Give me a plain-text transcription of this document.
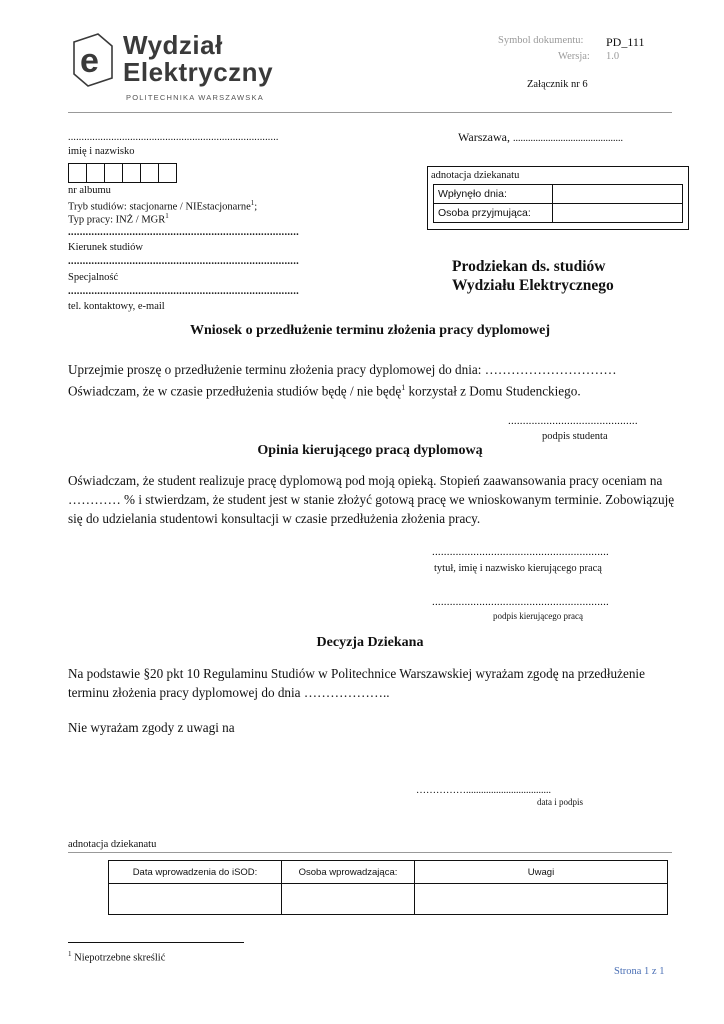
e Wydział
Elektryczny
POLITECHNIKA WARSZAWSKA
Symbol dokumentu: PD_111
Wersja: 1.0
Załącznik nr 6
..............................................................................
imię i nazwisko

nr albumu
Tryb studiów: stacjonarne / NIEstacjonarne$^1$;
Typ pracy: INŻ / MGR$^1$
...............................................................................
Kierunek studiów
...............................................................................
Specjalność
...............................................................................
tel. kontaktowy, e-mail
Warszawa, ............................................
adnotacja dziekanatu
Wpłynęło dnia:	
Osoba przyjmująca:	
Prodziekan ds. studiów
Wydziału Elektrycznego
Wniosek o przedłużenie terminu złożenia pracy dyplomowej
Uprzejmie proszę o przedłużenie terminu złożenia pracy dyplomowej do dnia: …………………………
Oświadczam, że w czasie przedłużenia studiów będę / nie będę$^1$ korzystał z Domu Studenckiego.
............................................
podpis studenta
Opinia kierującego pracą dyplomową
Oświadczam, że student realizuje pracę dyplomową pod moją opieką. Stopień zaawansowania pracy oceniam na ………… % i stwierdzam, że student jest w stanie złożyć gotową pracę we wnioskowanym terminie. Zobowiązuję się do udzielania studentowi konsultacji w czasie przedłużenia złożenia pracy.
............................................................
tytuł, imię i nazwisko kierującego pracą
............................................................
podpis kierującego pracą
Decyzja Dziekana
Na podstawie §20 pkt 10 Regulaminu Studiów w Politechnice Warszawskiej wyrażam zgodę na przedłużenie terminu złożenia pracy dyplomowej do dnia ………………..
Nie wyrażam zgody z uwagi na
……………..................................
data i podpis
adnotacja dziekanatu
Data wprowadzenia do iSOD:	Osoba wprowadzająca:	Uwagi

$^1$ Niepotrzebne skreślić
Strona 1 z 1
